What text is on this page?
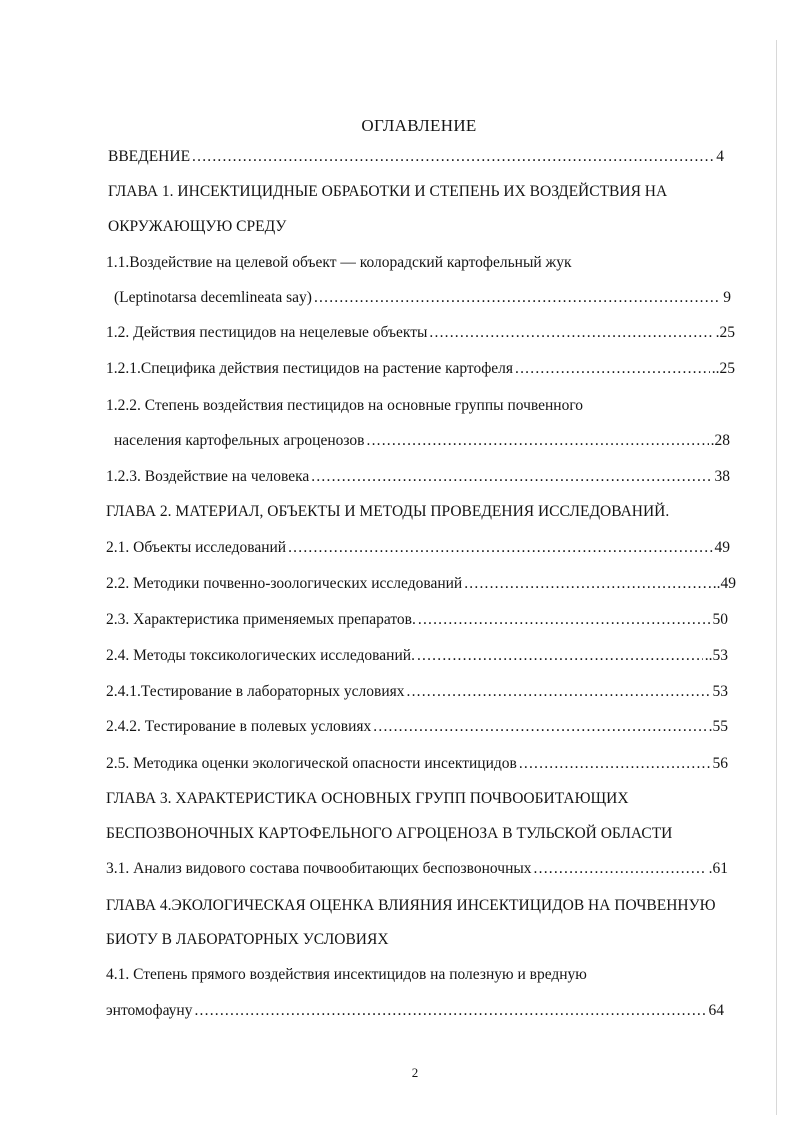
ОГЛАВЛЕНИЕ
ВВЕДЕНИЕ .....	4
ГЛАВА 1. ИНСЕКТИЦИДНЫЕ ОБРАБОТКИ И СТЕПЕНЬ ИХ ВОЗДЕЙСТВИЯ НА
ОКРУЖАЮЩУЮ СРЕДУ
1.1.Воздействие на целевой объект — колорадский картофельный жук
(Leptinotarsa decemlineata say) .....	9
1.2. Действия пестицидов на нецелевые объекты .....	.25
1.2.1.Специфика действия пестицидов на растение картофеля .....	..25
1.2.2. Степень воздействия пестицидов на основные группы почвенного
населения картофельных агроценозов .....	.28
1.2.3. Воздействие на человека .....	38
ГЛАВА 2. МАТЕРИАЛ, ОБЪЕКТЫ И МЕТОДЫ ПРОВЕДЕНИЯ ИССЛЕДОВАНИЙ.
2.1. Объекты исследований .....	49
2.2. Методики почвенно-зоологических исследований .....	..49
2.3. Характеристика применяемых препаратов. .....	50
2.4. Методы токсикологических исследований. .....	..53
2.4.1.Тестирование в лабораторных условиях .....	53
2.4.2. Тестирование в полевых условиях .....	.55
2.5. Методика оценки экологической опасности инсектицидов .....	56
ГЛАВА 3. ХАРАКТЕРИСТИКА ОСНОВНЫХ ГРУПП ПОЧВООБИТАЮЩИХ
БЕСПОЗВОНОЧНЫХ КАРТОФЕЛЬНОГО АГРОЦЕНОЗА В ТУЛЬСКОЙ ОБЛАСТИ
3.1. Анализ видового состава почвообитающих беспозвоночных .....	.61
ГЛАВА 4.ЭКОЛОГИЧЕСКАЯ ОЦЕНКА ВЛИЯНИЯ ИНСЕКТИЦИДОВ НА ПОЧВЕННУЮ
БИОТУ В ЛАБОРАТОРНЫХ УСЛОВИЯХ
4.1. Степень прямого воздействия инсектицидов на полезную и вредную
энтомофауну .....	64
2
